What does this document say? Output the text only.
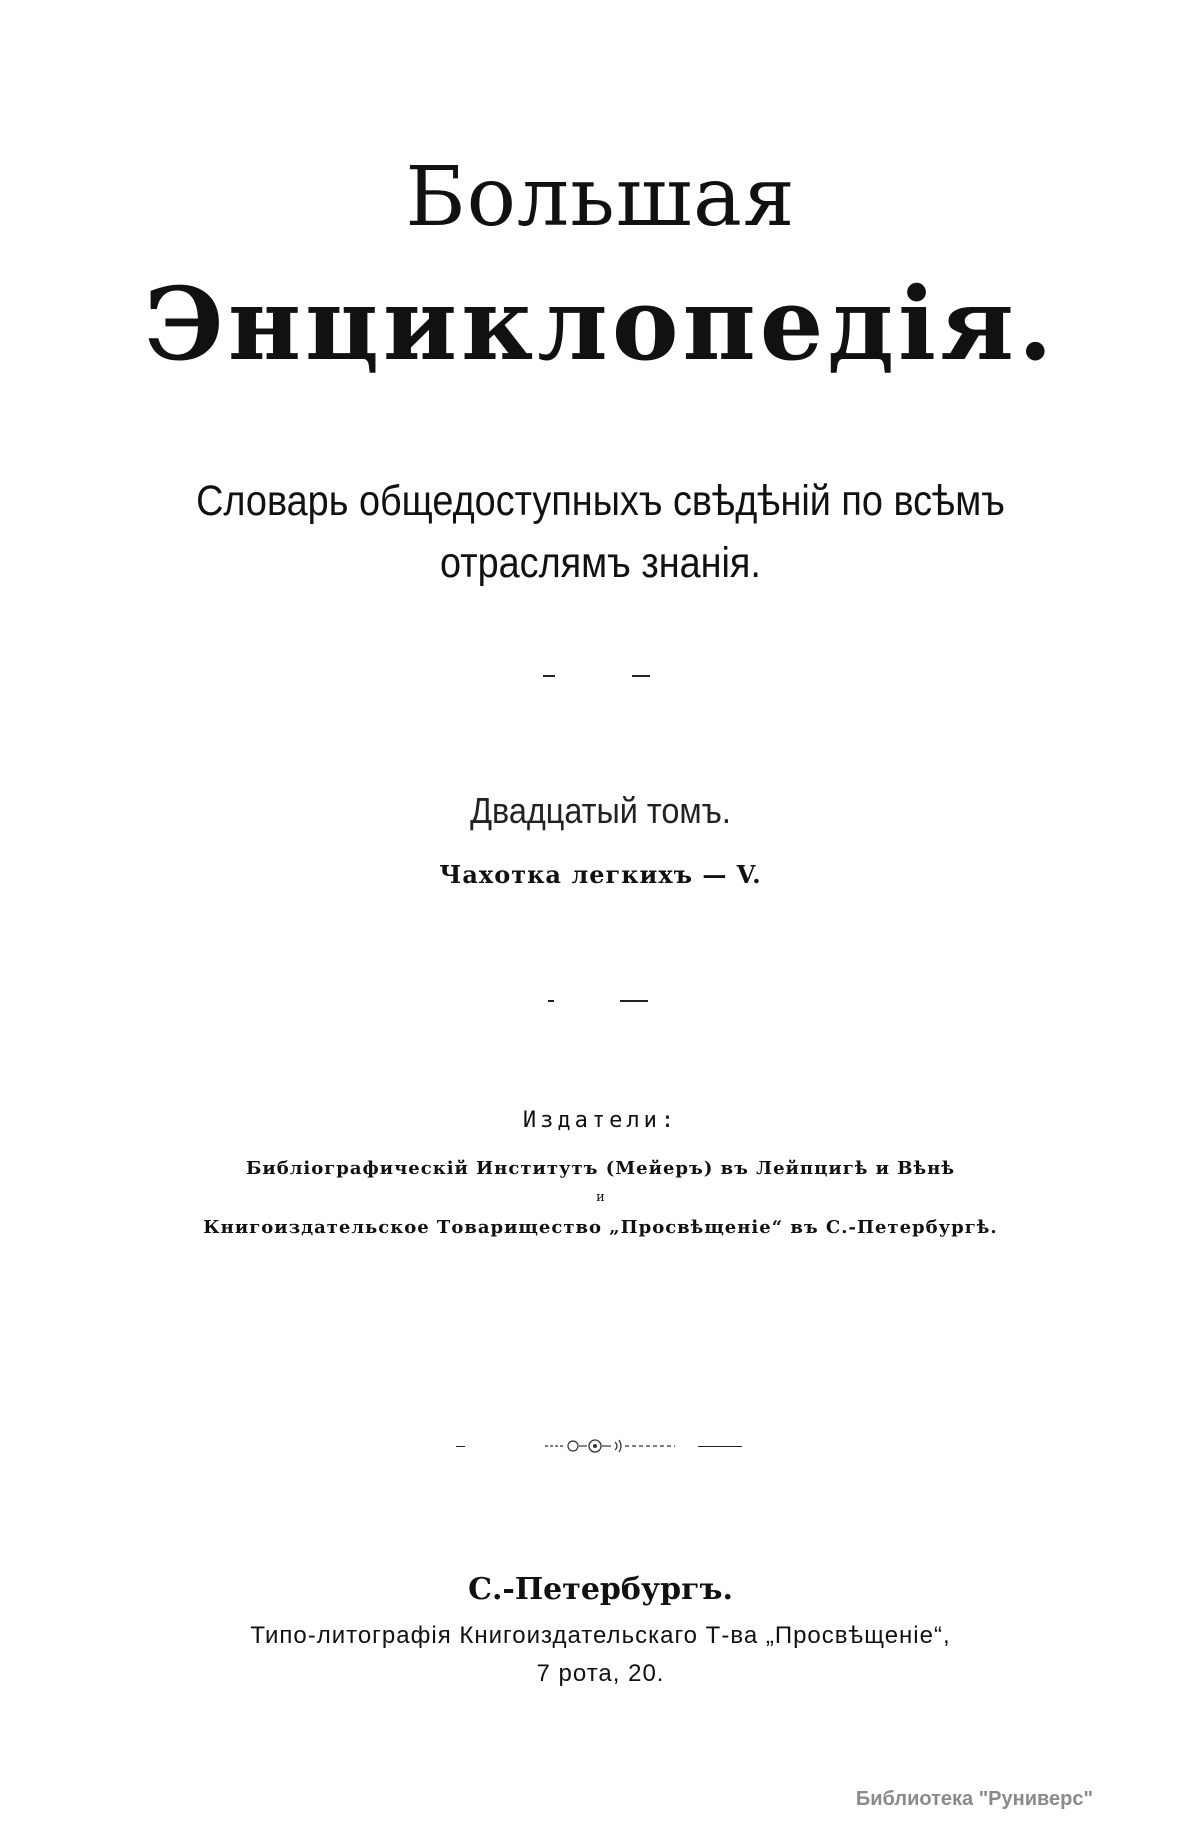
Большая
Энциклопедія.
Словарь общедоступныхъ свѣдѣній по всѣмъ
отраслямъ знанія.
Двадцатый томъ.
Чахотка легкихъ — V.
Издатели:
Библіографическій Институтъ (Мейеръ) въ Лейпцигѣ и Вѣнѣ
и
Книгоиздательское Товарищество „Просвѣщеніе“ въ С.-Петербургѣ.
С.-Петербургъ.
Типо-литографія Книгоиздательскаго Т-ва „Просвѣщеніе“,
7 рота, 20.
Библиотека "Руниверс"
